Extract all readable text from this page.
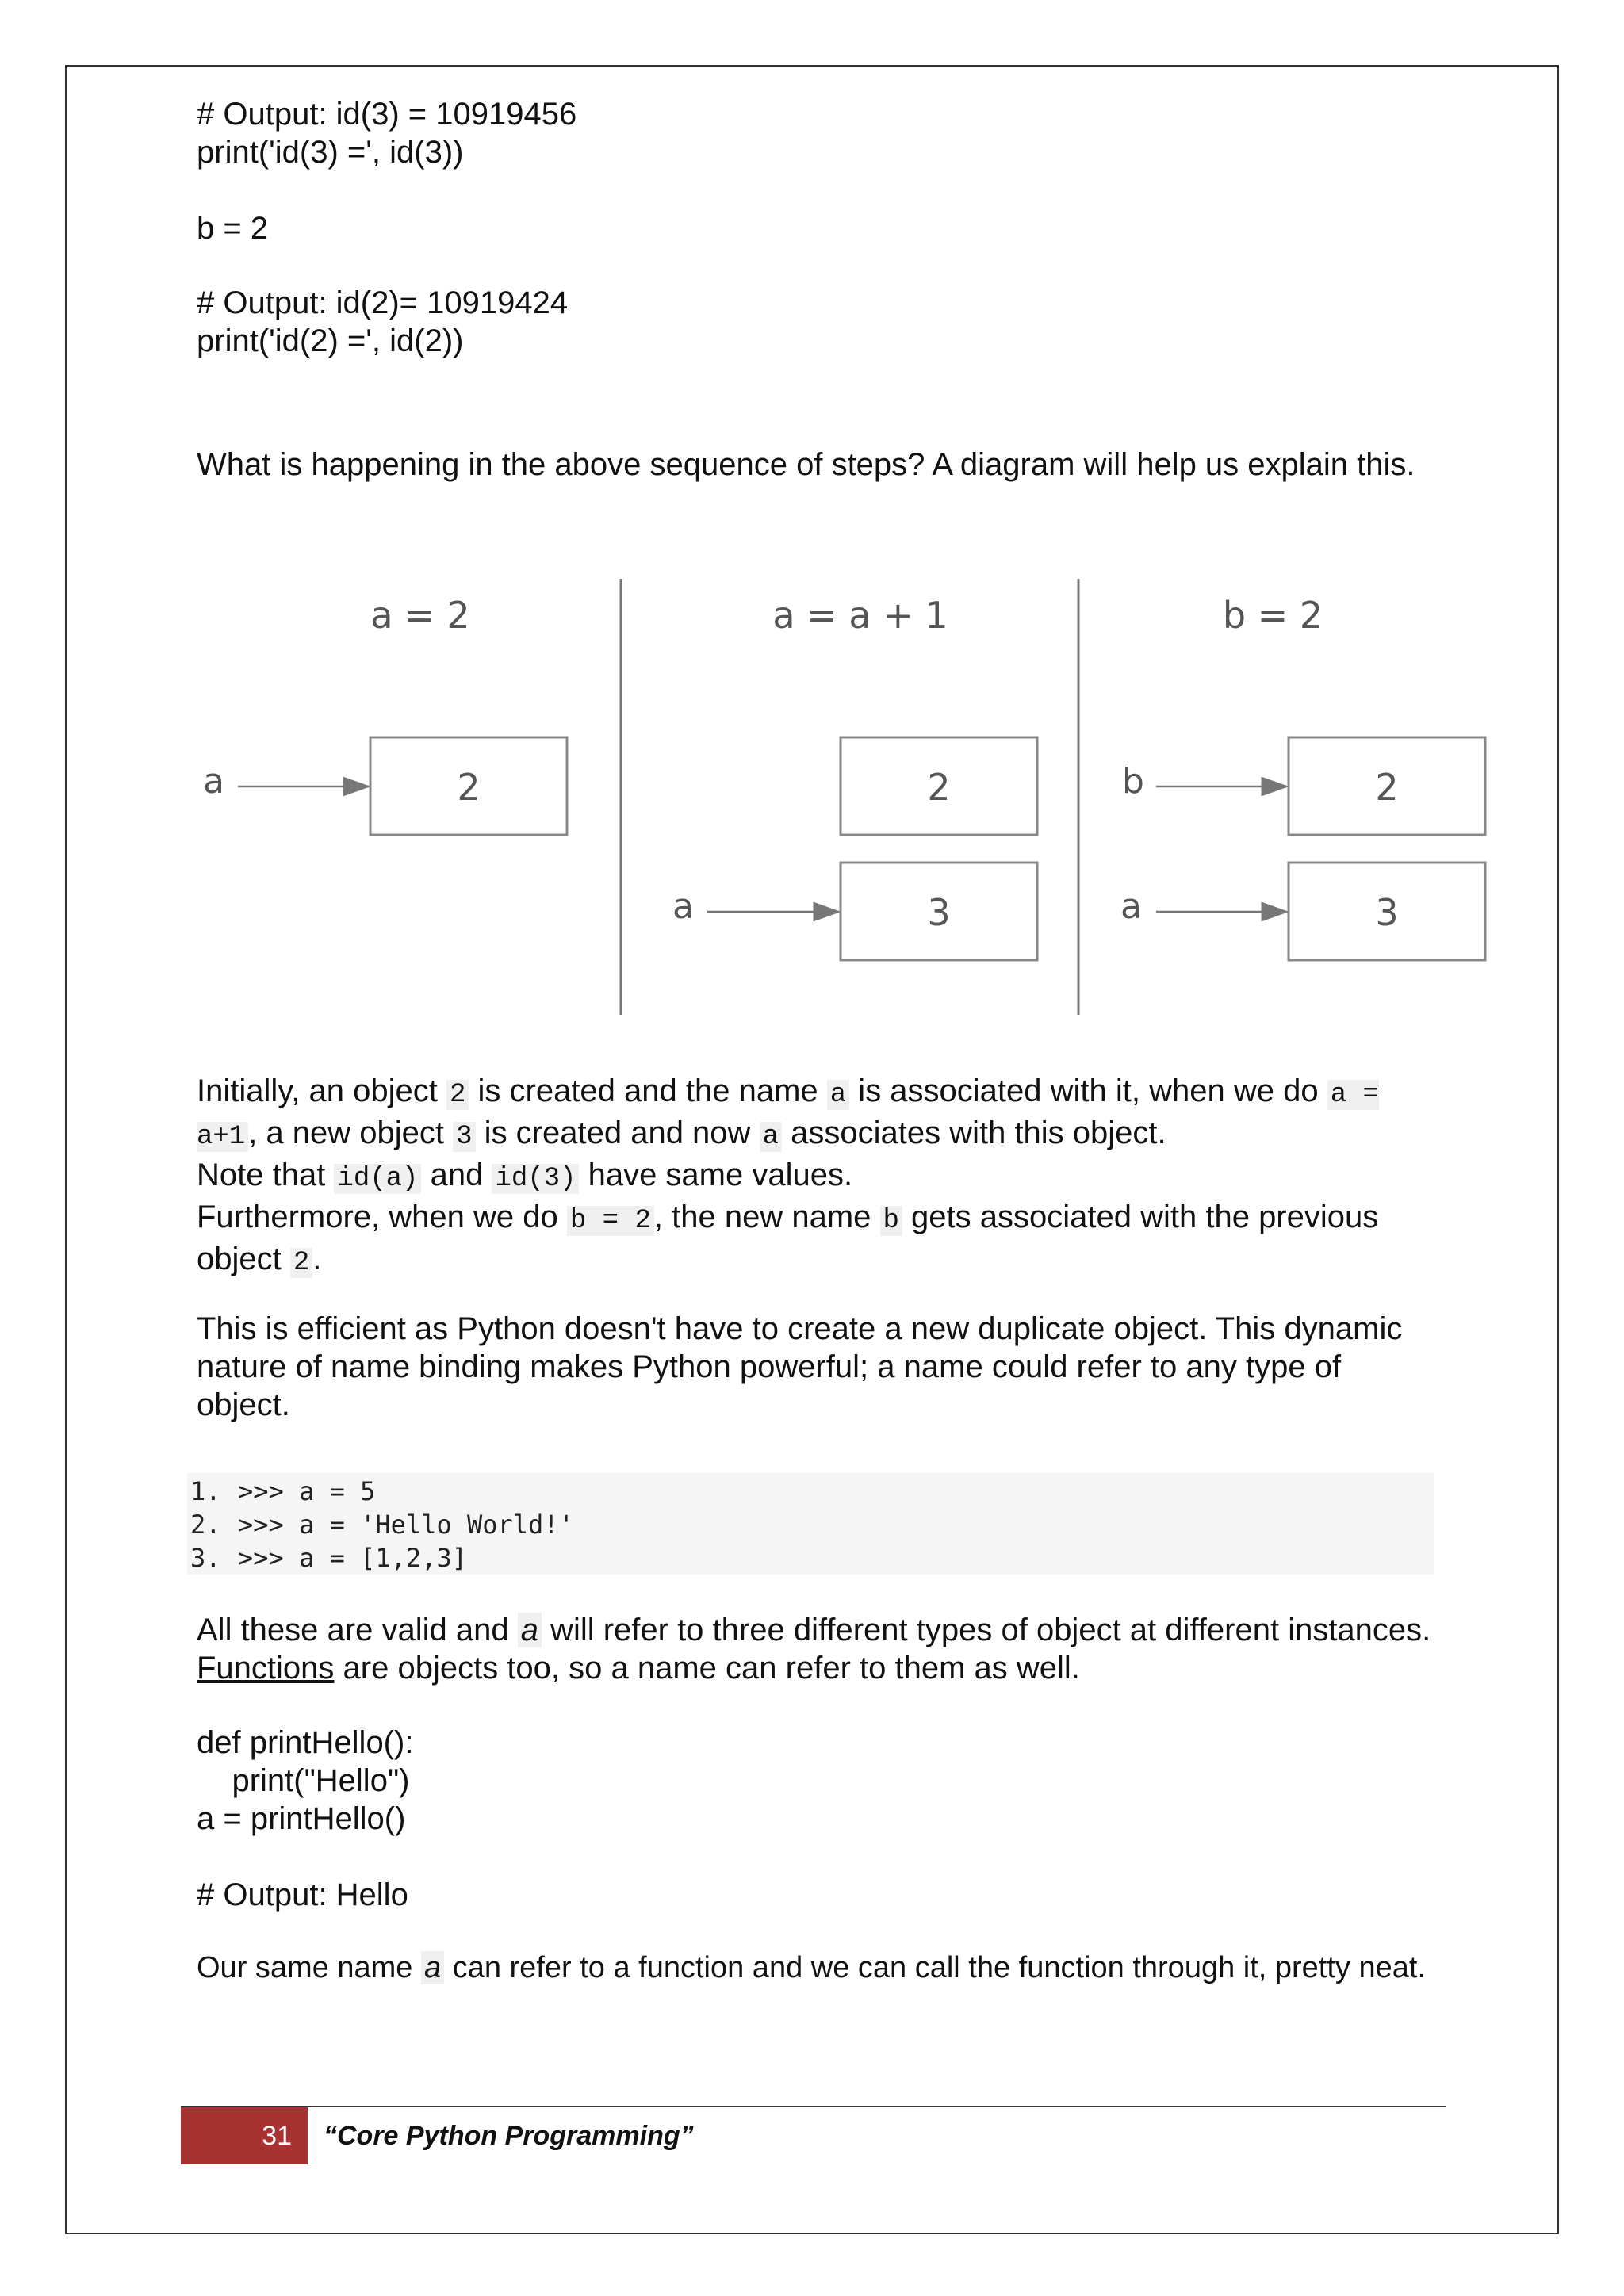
# Output: id(3) = 10919456
print('id(3) =', id(3))
b = 2
# Output: id(2)= 10919424
print('id(2) =', id(2))
What is happening in the above sequence of steps? A diagram will help us explain this.
a = 2	a = a + 1	b = 2
a	2	2
a	3
b	2
a	3
Initially, an object 2 is created and the name a is associated with it, when we do a = a+1 , a new object 3 is created and now a associates with this object.
Note that id(a) and id(3) have same values.
Furthermore, when we do b = 2 , the new name b gets associated with the previous object 2 .
This is efficient as Python doesn't have to create a new duplicate object. This dynamic nature of name binding makes Python powerful; a name could refer to any type of object.
1. >>> a = 5
2. >>> a = 'Hello World!'
3. >>> a = [1,2,3]
All these are valid and a will refer to three different types of object at different instances. Functions are objects too, so a name can refer to them as well.
def printHello():
print("Hello")
a = printHello()
# Output: Hello
Our same name a can refer to a function and we can call the function through it, pretty neat.
31	“Core Python Programming”
